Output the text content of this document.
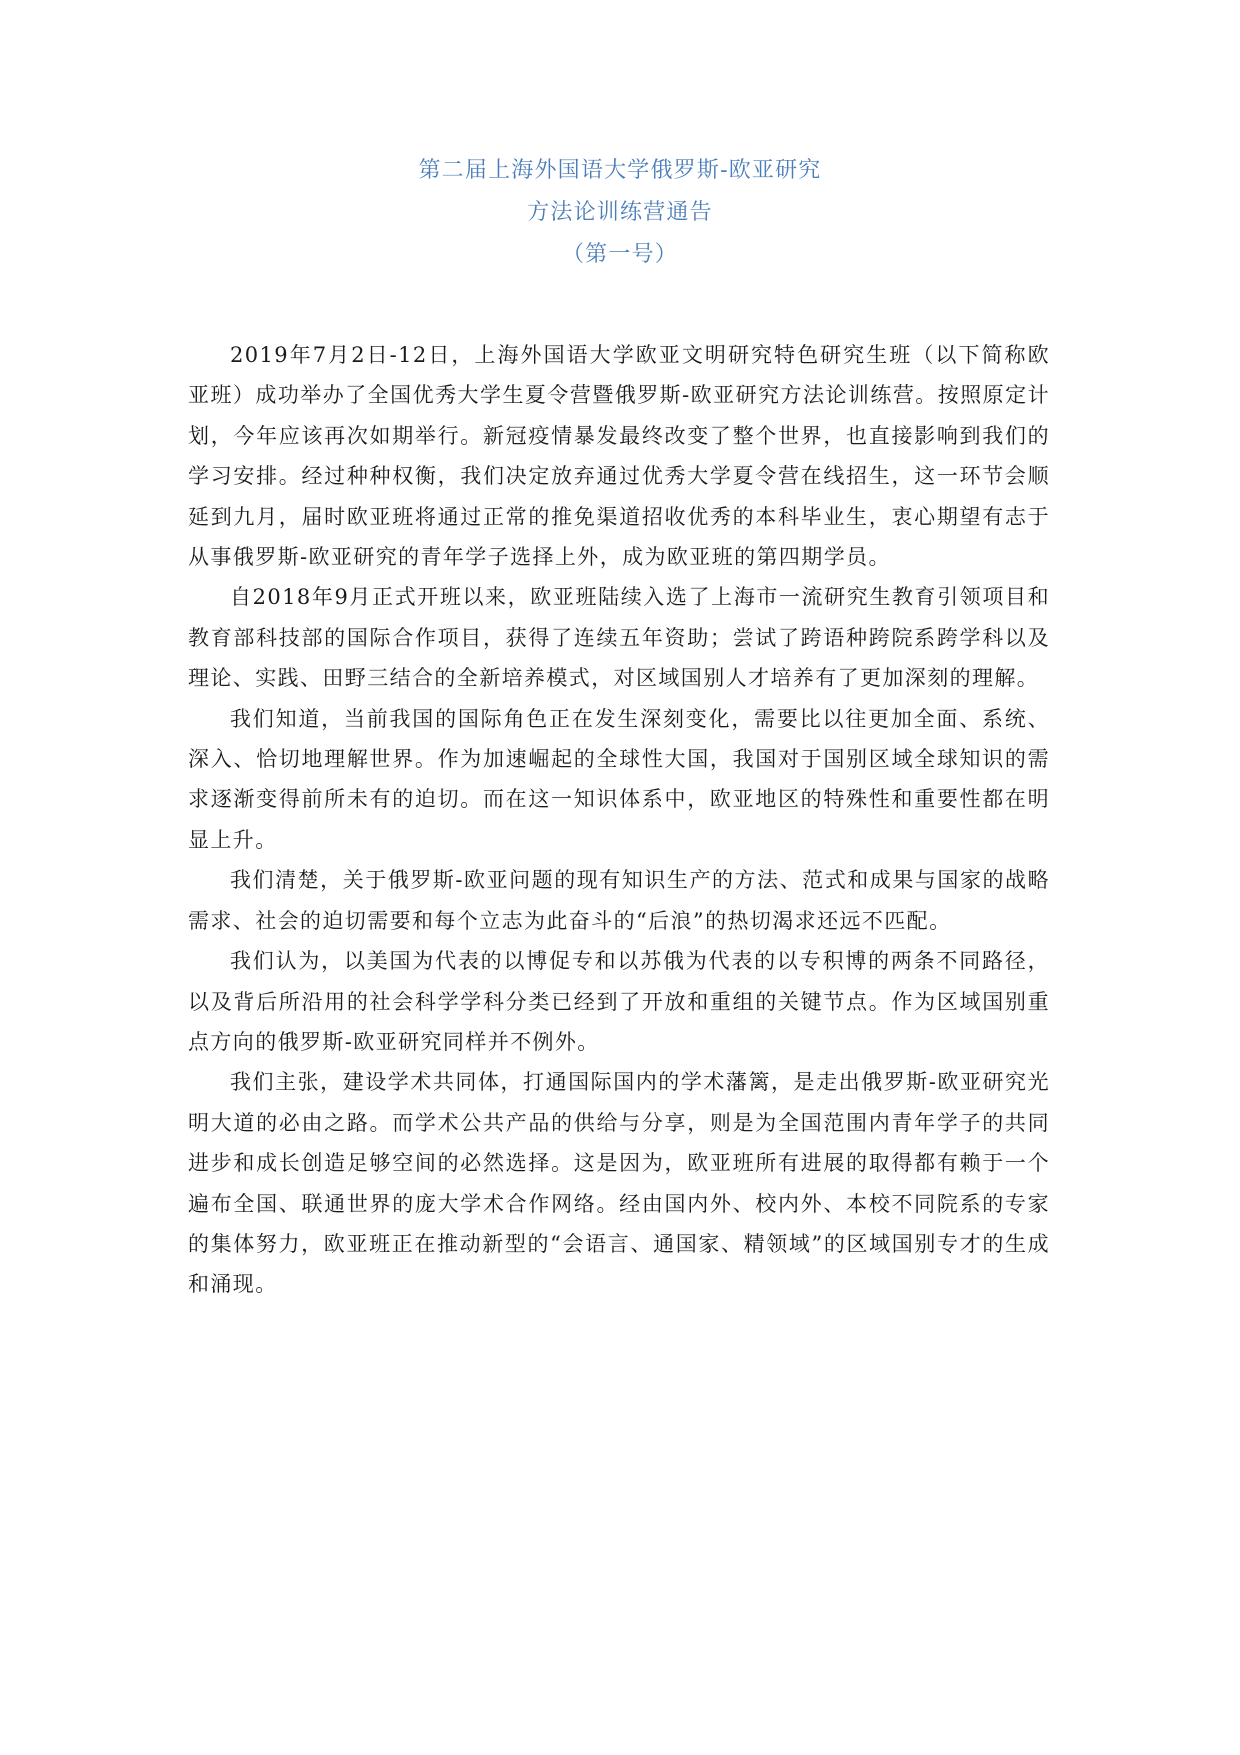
第二届上海外国语大学俄罗斯-欧亚研究
方法论训练营通告
（第一号）

2019年7月2日-12日，上海外国语大学欧亚文明研究特色研究生班（以下简称欧亚班）成功举办了全国优秀大学生夏令营暨俄罗斯-欧亚研究方法论训练营。按照原定计划，今年应该再次如期举行。新冠疫情暴发最终改变了整个世界，也直接影响到我们的学习安排。经过种种权衡，我们决定放弃通过优秀大学夏令营在线招生，这一环节会顺延到九月，届时欧亚班将通过正常的推免渠道招收优秀的本科毕业生，衷心期望有志于从事俄罗斯-欧亚研究的青年学子选择上外，成为欧亚班的第四期学员。

自2018年9月正式开班以来，欧亚班陆续入选了上海市一流研究生教育引领项目和教育部科技部的国际合作项目，获得了连续五年资助；尝试了跨语种跨院系跨学科以及理论、实践、田野三结合的全新培养模式，对区域国别人才培养有了更加深刻的理解。

我们知道，当前我国的国际角色正在发生深刻变化，需要比以往更加全面、系统、深入、恰切地理解世界。作为加速崛起的全球性大国，我国对于国别区域全球知识的需求逐渐变得前所未有的迫切。而在这一知识体系中，欧亚地区的特殊性和重要性都在明显上升。

我们清楚，关于俄罗斯-欧亚问题的现有知识生产的方法、范式和成果与国家的战略需求、社会的迫切需要和每个立志为此奋斗的“后浪”的热切渴求还远不匹配。

我们认为，以美国为代表的以博促专和以苏俄为代表的以专积博的两条不同路径，以及背后所沿用的社会科学学科分类已经到了开放和重组的关键节点。作为区域国别重点方向的俄罗斯-欧亚研究同样并不例外。

我们主张，建设学术共同体，打通国际国内的学术藩篱，是走出俄罗斯-欧亚研究光明大道的必由之路。而学术公共产品的供给与分享，则是为全国范围内青年学子的共同进步和成长创造足够空间的必然选择。这是因为，欧亚班所有进展的取得都有赖于一个遍布全国、联通世界的庞大学术合作网络。经由国内外、校内外、本校不同院系的专家的集体努力，欧亚班正在推动新型的“会语言、通国家、精领域”的区域国别专才的生成和涌现。
